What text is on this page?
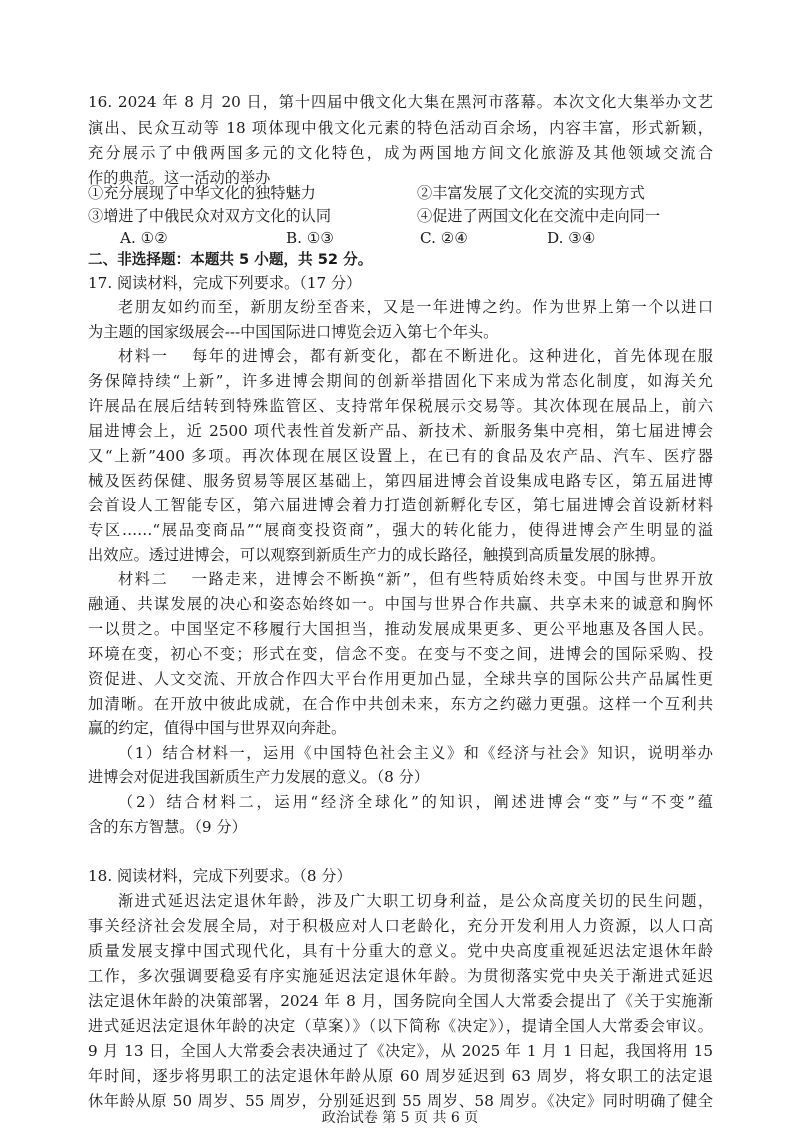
16. 2024 年 8 月 20 日，第十四届中俄文化大集在黑河市落幕。本次文化大集举办文艺
演出、民众互动等 18 项体现中俄文化元素的特色活动百余场，内容丰富，形式新颖，
充分展示了中俄两国多元的文化特色，成为两国地方间文化旅游及其他领域交流合
作的典范。这一活动的举办
①充分展现了中华文化的独特魅力	②丰富发展了文化交流的实现方式
③增进了中俄民众对双方文化的认同	④促进了两国文化在交流中走向同一
A. ①②	B. ①③	C. ②④	D. ③④
二、非选择题：本题共 5 小题，共 52 分。
17. 阅读材料，完成下列要求。（17 分）
老朋友如约而至，新朋友纷至沓来，又是一年进博之约。作为世界上第一个以进口
为主题的国家级展会---中国国际进口博览会迈入第七个年头。
材料一　 每年的进博会，都有新变化，都在不断进化。这种进化，首先体现在服
务保障持续“上新”，许多进博会期间的创新举措固化下来成为常态化制度，如海关允
许展品在展后结转到特殊监管区、支持常年保税展示交易等。其次体现在展品上，前六
届进博会上，近 2500 项代表性首发新产品、新技术、新服务集中亮相，第七届进博会
又“上新”400 多项。再次体现在展区设置上，在已有的食品及农产品、汽车、医疗器
械及医药保健、服务贸易等展区基础上，第四届进博会首设集成电路专区，第五届进博
会首设人工智能专区，第六届进博会着力打造创新孵化专区，第七届进博会首设新材料
专区……“展品变商品”“展商变投资商”，强大的转化能力，使得进博会产生明显的溢
出效应。透过进博会，可以观察到新质生产力的成长路径，触摸到高质量发展的脉搏。
材料二　 一路走来，进博会不断换“新”，但有些特质始终未变。中国与世界开放
融通、共谋发展的决心和姿态始终如一。中国与世界合作共赢、共享未来的诚意和胸怀
一以贯之。中国坚定不移履行大国担当，推动发展成果更多、更公平地惠及各国人民。
环境在变，初心不变；形式在变，信念不变。在变与不变之间，进博会的国际采购、投
资促进、人文交流、开放合作四大平台作用更加凸显，全球共享的国际公共产品属性更
加清晰。在开放中彼此成就，在合作中共创未来，东方之约磁力更强。这样一个互利共
赢的约定，值得中国与世界双向奔赴。
（1）结合材料一，运用《中国特色社会主义》和《经济与社会》知识，说明举办
进博会对促进我国新质生产力发展的意义。（8 分）
（2）结合材料二，运用“经济全球化”的知识，阐述进博会“变”与“不变”蕴
含的东方智慧。（9 分）
18. 阅读材料，完成下列要求。（8 分）
渐进式延迟法定退休年龄，涉及广大职工切身利益，是公众高度关切的民生问题，
事关经济社会发展全局，对于积极应对人口老龄化，充分开发利用人力资源，以人口高
质量发展支撑中国式现代化，具有十分重大的意义。党中央高度重视延迟法定退休年龄
工作，多次强调要稳妥有序实施延迟法定退休年龄。为贯彻落实党中央关于渐进式延迟
法定退休年龄的决策部署，2024 年 8 月，国务院向全国人大常委会提出了《关于实施渐
进式延迟法定退休年龄的决定（草案）》（以下简称《决定》），提请全国人大常委会审议。
9 月 13 日，全国人大常委会表决通过了《决定》，从 2025 年 1 月 1 日起，我国将用 15
年时间，逐步将男职工的法定退休年龄从原 60 周岁延迟到 63 周岁，将女职工的法定退
休年龄从原 50 周岁、55 周岁，分别延迟到 55 周岁、58 周岁。《决定》同时明确了健全
政治试卷 第 5 页 共 6 页
